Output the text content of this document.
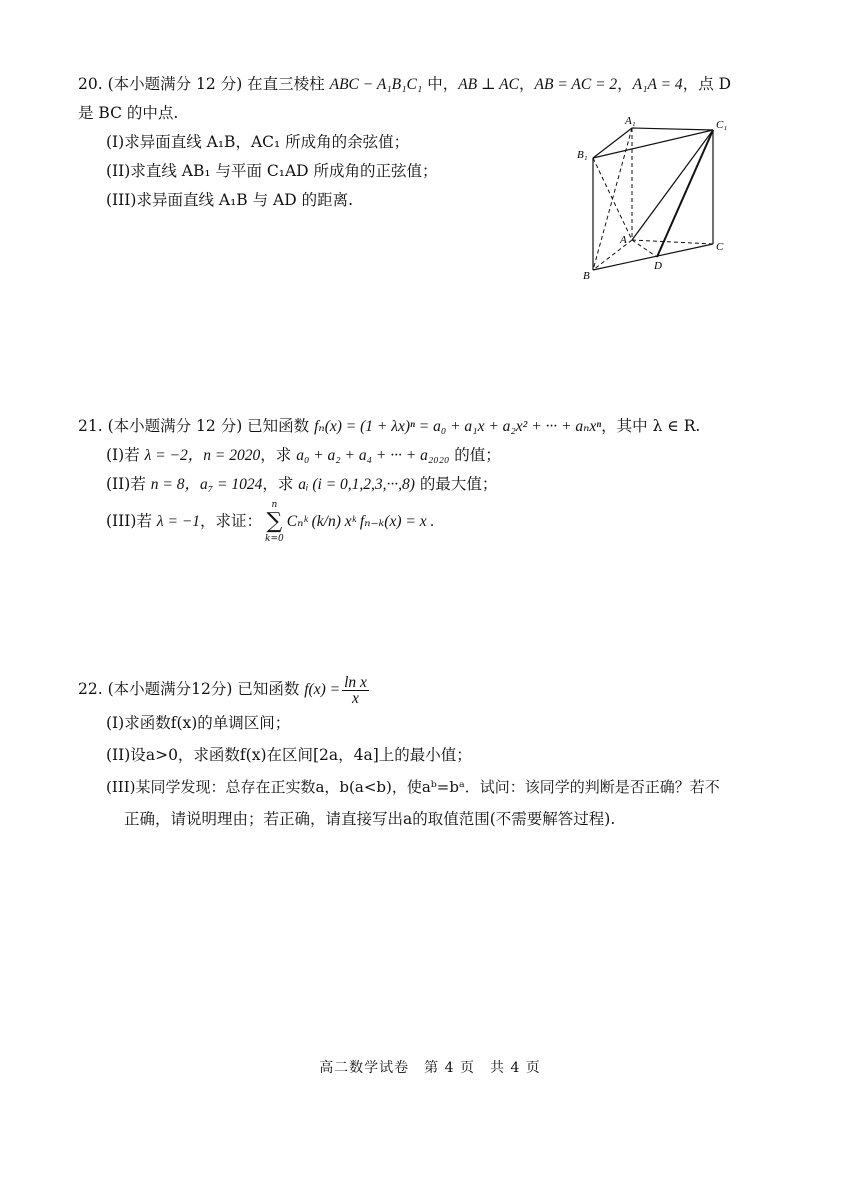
20. (本小题满分 12 分) 在直三棱柱 ABC − A₁B₁C₁ 中，AB ⊥ AC，AB = AC = 2，A₁A = 4，点 D
是 BC 的中点.
(I)求异面直线 A₁B，AC₁ 所成角的余弦值；
(II)求直线 AB₁ 与平面 C₁AD 所成角的正弦值；
(III)求异面直线 A₁B 与 AD 的距离.
A₁	C₁
B₁
A
C
D
B
21. (本小题满分 12 分) 已知函数 fₙ(x) = (1 + λx)ⁿ = a₀ + a₁x + a₂x² + ··· + aₙxⁿ，其中 λ ∈ R.
(I)若 λ = −2，n = 2020，求 a₀ + a₂ + a₄ + ··· + a₂₀₂₀ 的值；
(II)若 n = 8，a₇ = 1024，求 aᵢ (i = 0,1,2,3,···,8) 的最大值；
(III)若 λ = −1，求证：
n
∑
k=0
Cₙᵏ (k/n) xᵏ fₙ₋ₖ(x) = x .
22. (本小题满分12分) 已知函数 $f(x) = \frac{\text{ln x}}{x}$
(I)求函数f(x)的单调区间；
(II)设a>0，求函数f(x)在区间[2a，4a]上的最小值；
(III)某同学发现：总存在正实数a，b(a<b)，使aᵇ=bᵃ．试问：该同学的判断是否正确？若不
正确，请说明理由；若正确，请直接写出a的取值范围(不需要解答过程).
高二数学试卷　第 4 页　共 4 页
